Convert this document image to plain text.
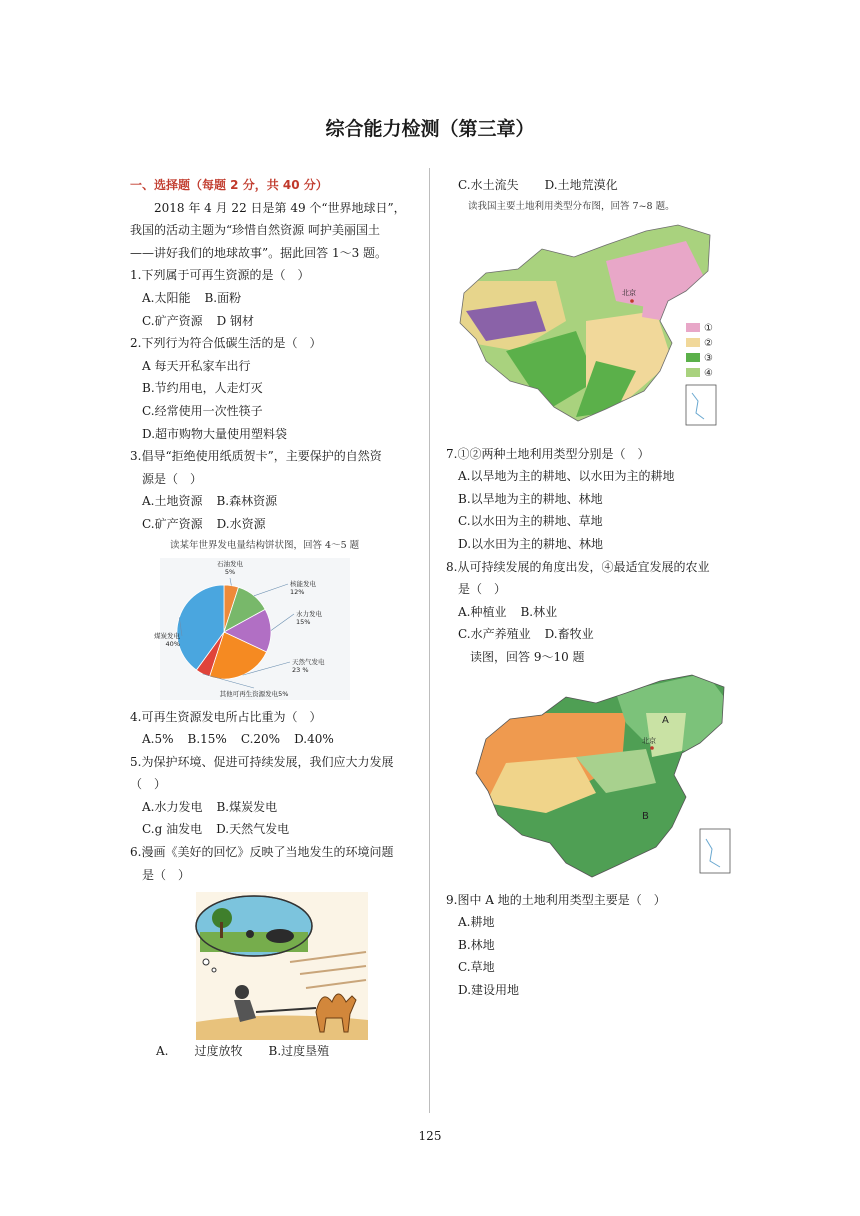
综合能力检测（第三章）
一、选择题（每题 2 分，共 40 分）
2018 年 4 月 22 日是第 49 个“世界地球日”，
我国的活动主题为“珍惜自然资源 呵护美丽国土
——讲好我们的地球故事”。据此回答 1～3 题。
1.下列属于可再生资源的是（　）
A.太阳能 B.面粉
C.矿产资源 D 钢材
2.下列行为符合低碳生活的是（　）
A 每天开私家车出行
B.节约用电，人走灯灭
C.经常使用一次性筷子
D.超市购物大量使用塑料袋
3.倡导“拒绝使用纸质贺卡”，主要保护的自然资
源是（　）
A.土地资源 B.森林资源
C.矿产资源 D.水资源
读某年世界发电量结构饼状图，回答 4～5 题
石油发电
5%
核能发电
12%
水力发电
15%
天然气发电
23 %
其他可再生资源发电5%
煤炭发电
40%
4.可再生资源发电所占比重为（　）
A.5% B.15% C.20% D.40%
5.为保护环境、促进可持续发展，我们应大力发展
（　）
A.水力发电 B.煤炭发电
C.g 油发电 D.天然气发电
6.漫画《美好的回忆》反映了当地发生的环境问题
是（　）
A. 过度放牧 B.过度垦殖
C.水土流失 D.土地荒漠化
读我国主要土地利用类型分布图，回答 7~8 题。
北京
①
②
③
④
7.①②两种土地利用类型分别是（　）
A.以旱地为主的耕地、以水田为主的耕地
B.以旱地为主的耕地、林地
C.以水田为主的耕地、草地
D.以水田为主的耕地、林地
8.从可持续发展的角度出发，④最适宜发展的农业
是（　）
A.种植业 B.林业
C.水产养殖业 D.畜牧业
读图，回答 9～10 题
A
北京
B
9.图中 A 地的土地利用类型主要是（　）
A.耕地
B.林地
C.草地
D.建设用地
125
